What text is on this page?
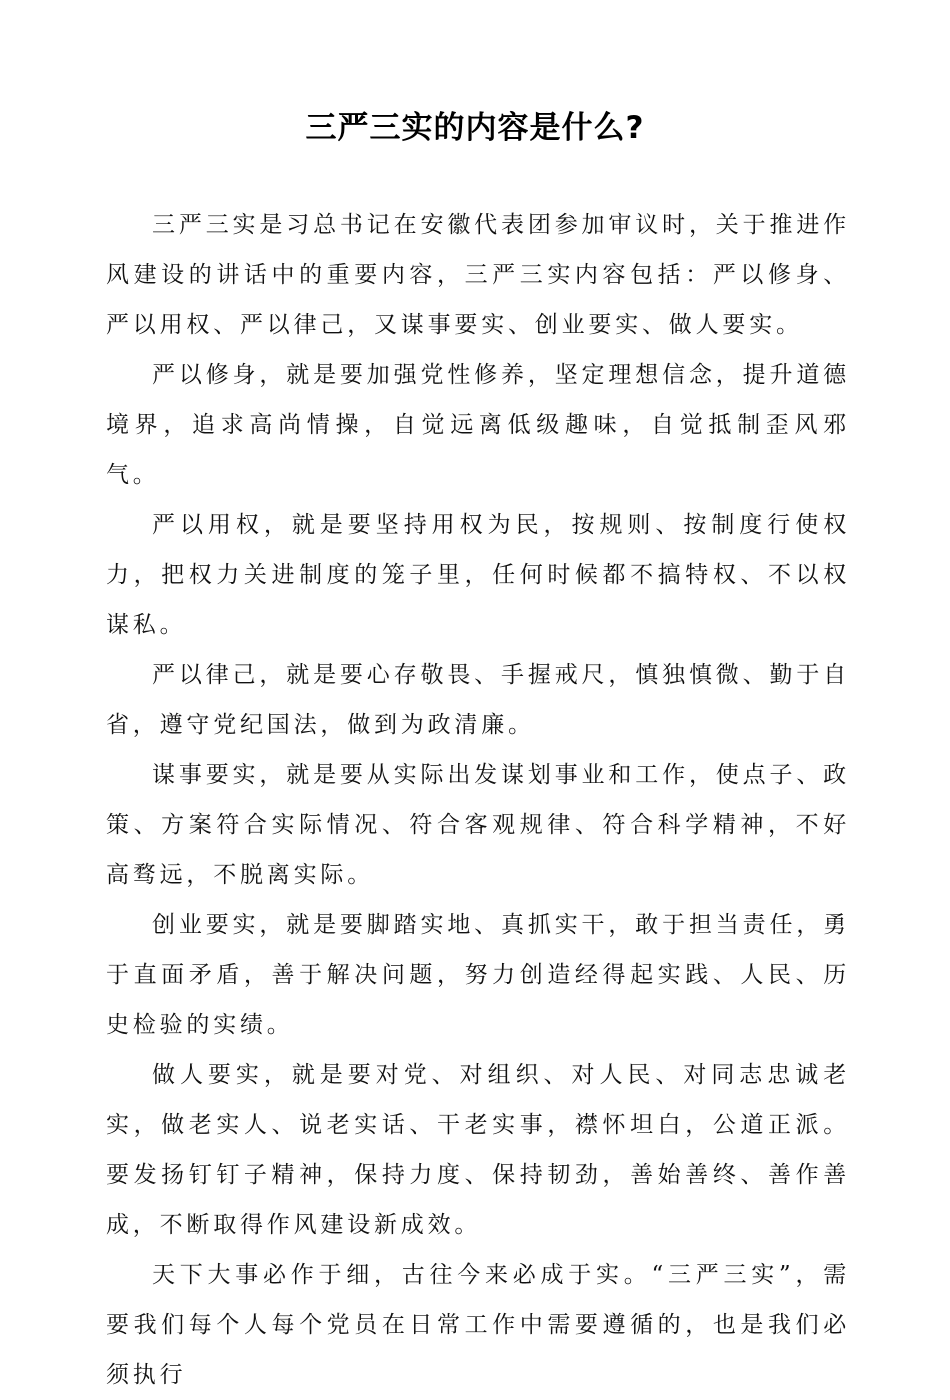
三严三实的内容是什么?

三严三实是习总书记在安徽代表团参加审议时，关于推进作风建设的讲话中的重要内容，三严三实内容包括：严以修身、严以用权、严以律己，又谋事要实、创业要实、做人要实。

严以修身，就是要加强党性修养，坚定理想信念，提升道德境界，追求高尚情操，自觉远离低级趣味，自觉抵制歪风邪气。

严以用权，就是要坚持用权为民，按规则、按制度行使权力，把权力关进制度的笼子里，任何时候都不搞特权、不以权谋私。

严以律己，就是要心存敬畏、手握戒尺，慎独慎微、勤于自省，遵守党纪国法，做到为政清廉。

谋事要实，就是要从实际出发谋划事业和工作，使点子、政策、方案符合实际情况、符合客观规律、符合科学精神，不好高骛远，不脱离实际。

创业要实，就是要脚踏实地、真抓实干，敢于担当责任，勇于直面矛盾，善于解决问题，努力创造经得起实践、人民、历史检验的实绩。

做人要实，就是要对党、对组织、对人民、对同志忠诚老实，做老实人、说老实话、干老实事，襟怀坦白，公道正派。要发扬钉钉子精神，保持力度、保持韧劲，善始善终、善作善成，不断取得作风建设新成效。

天下大事必作于细，古往今来必成于实。“三严三实”，需要我们每个人每个党员在日常工作中需要遵循的，也是我们必须执行
